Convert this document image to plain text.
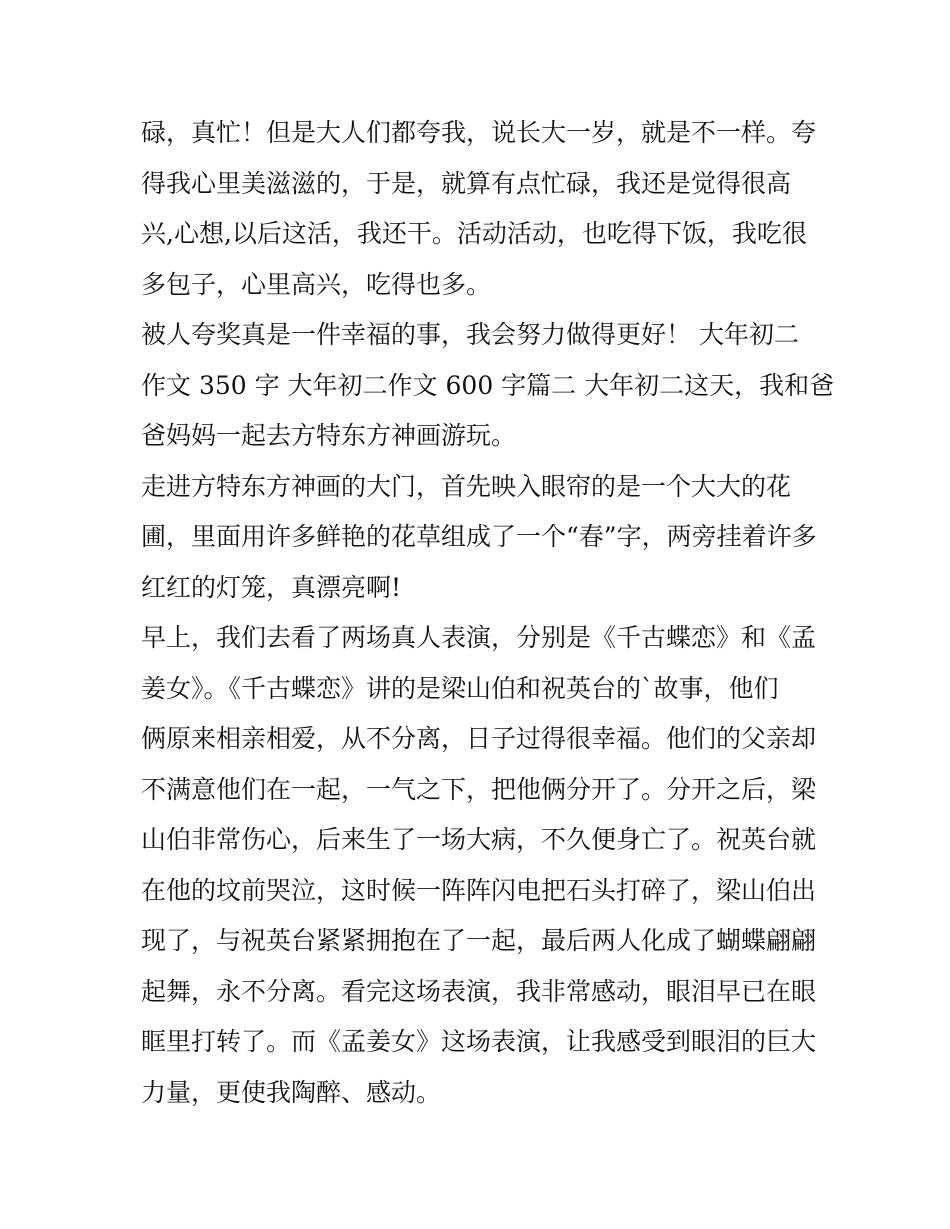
碌，真忙！但是大人们都夸我，说长大一岁，就是不一样。夸
得我心里美滋滋的，于是，就算有点忙碌，我还是觉得很高
兴,心想,以后这活，我还干。活动活动，也吃得下饭，我吃很
多包子，心里高兴，吃得也多。
被人夸奖真是一件幸福的事，我会努力做得更好！ 大年初二
作文 350 字 大年初二作文 600 字篇二 大年初二这天，我和爸
爸妈妈一起去方特东方神画游玩。
走进方特东方神画的大门，首先映入眼帘的是一个大大的花
圃，里面用许多鲜艳的花草组成了一个“春”字，两旁挂着许多
红红的灯笼，真漂亮啊!
早上，我们去看了两场真人表演，分别是《千古蝶恋》和《孟
姜女》。《千古蝶恋》讲的是梁山伯和祝英台的`故事，他们
俩原来相亲相爱，从不分离，日子过得很幸福。他们的父亲却
不满意他们在一起，一气之下，把他俩分开了。分开之后，梁
山伯非常伤心，后来生了一场大病，不久便身亡了。祝英台就
在他的坟前哭泣，这时候一阵阵闪电把石头打碎了，梁山伯出
现了，与祝英台紧紧拥抱在了一起，最后两人化成了蝴蝶翩翩
起舞，永不分离。看完这场表演，我非常感动，眼泪早已在眼
眶里打转了。而《孟姜女》这场表演，让我感受到眼泪的巨大
力量，更使我陶醉、感动。
